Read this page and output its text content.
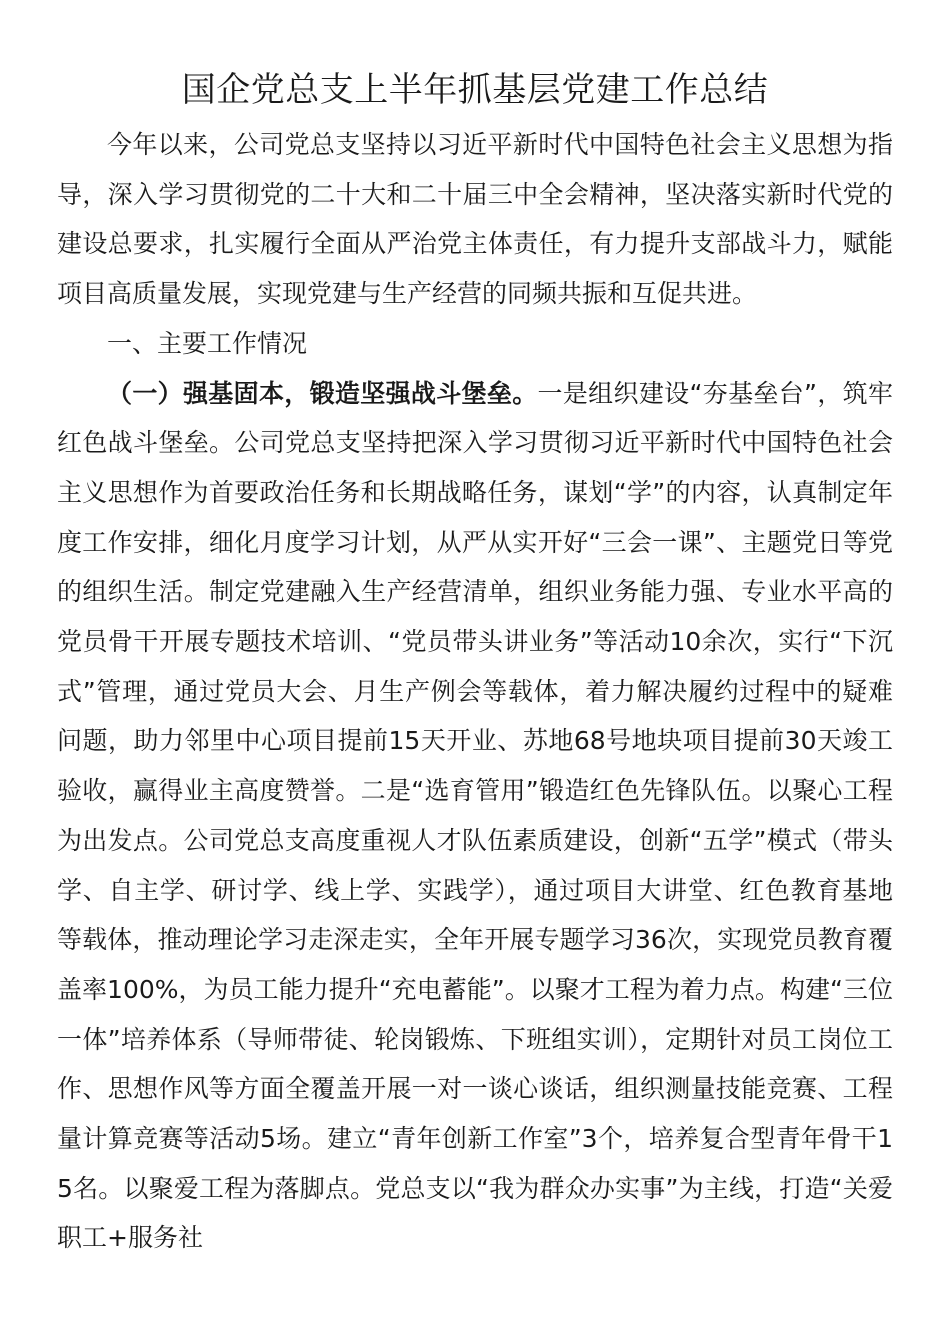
国企党总支上半年抓基层党建工作总结

今年以来，公司党总支坚持以习近平新时代中国特色社会主义思想为指导，深入学习贯彻党的二十大和二十届三中全会精神，坚决落实新时代党的建设总要求，扎实履行全面从严治党主体责任，有力提升支部战斗力，赋能项目高质量发展，实现党建与生产经营的同频共振和互促共进。

一、主要工作情况

（一）强基固本，锻造坚强战斗堡垒。一是组织建设“夯基垒台”，筑牢红色战斗堡垒。公司党总支坚持把深入学习贯彻习近平新时代中国特色社会主义思想作为首要政治任务和长期战略任务，谋划“学”的内容，认真制定年度工作安排，细化月度学习计划，从严从实开好“三会一课”、主题党日等党的组织生活。制定党建融入生产经营清单，组织业务能力强、专业水平高的党员骨干开展专题技术培训、“党员带头讲业务”等活动10余次，实行“下沉式”管理，通过党员大会、月生产例会等载体，着力解决履约过程中的疑难问题，助力邻里中心项目提前15天开业、苏地68号地块项目提前30天竣工验收，赢得业主高度赞誉。二是“选育管用”锻造红色先锋队伍。以聚心工程为出发点。公司党总支高度重视人才队伍素质建设，创新“五学”模式（带头学、自主学、研讨学、线上学、实践学），通过项目大讲堂、红色教育基地等载体，推动理论学习走深走实，全年开展专题学习36次，实现党员教育覆盖率100%，为员工能力提升“充电蓄能”。以聚才工程为着力点。构建“三位一体”培养体系（导师带徒、轮岗锻炼、下班组实训），定期针对员工岗位工作、思想作风等方面全覆盖开展一对一谈心谈话，组织测量技能竞赛、工程量计算竞赛等活动5场。建立“青年创新工作室”3个，培养复合型青年骨干15名。以聚爱工程为落脚点。党总支以“我为群众办实事”为主线，打造“关爱职工+服务社
